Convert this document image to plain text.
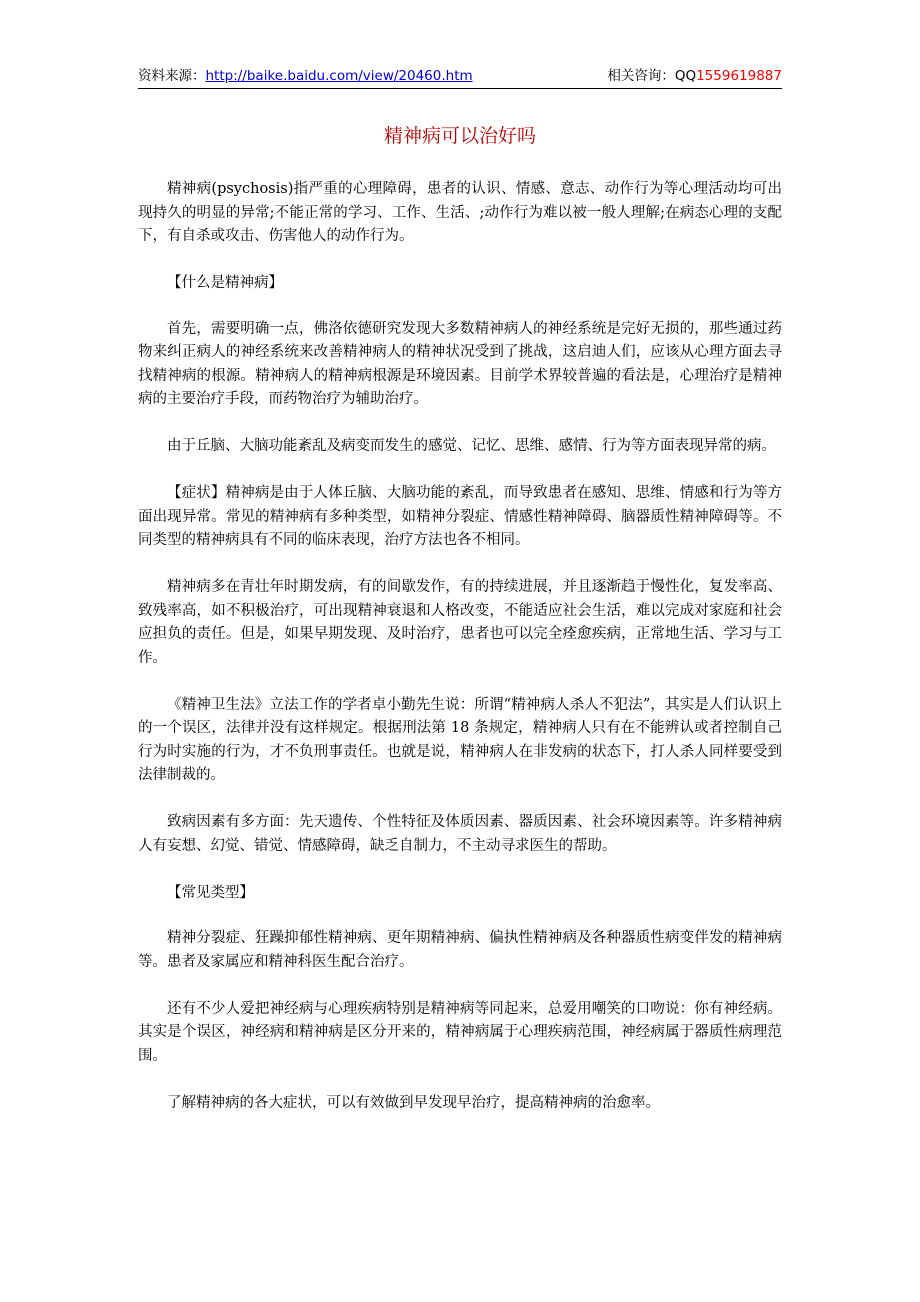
资料来源：http://baike.baidu.com/view/20460.htm	相关咨询：QQ1559619887
精神病可以治好吗

精神病(psychosis)指严重的心理障碍，患者的认识、情感、意志、动作行为等心理活动均可出现持久的明显的异常;不能正常的学习、工作、生活、;动作行为难以被一般人理解;在病态心理的支配下，有自杀或攻击、伤害他人的动作行为。

【什么是精神病】

首先，需要明确一点，佛洛依德研究发现大多数精神病人的神经系统是完好无损的，那些通过药物来纠正病人的神经系统来改善精神病人的精神状况受到了挑战，这启迪人们，应该从心理方面去寻找精神病的根源。精神病人的精神病根源是环境因素。目前学术界较普遍的看法是，心理治疗是精神病的主要治疗手段，而药物治疗为辅助治疗。

由于丘脑、大脑功能紊乱及病变而发生的感觉、记忆、思维、感情、行为等方面表现异常的病。

【症状】精神病是由于人体丘脑、大脑功能的紊乱，而导致患者在感知、思维、情感和行为等方面出现异常。常见的精神病有多种类型，如精神分裂症、情感性精神障碍、脑器质性精神障碍等。不同类型的精神病具有不同的临床表现，治疗方法也各不相同。

精神病多在青壮年时期发病，有的间歇发作，有的持续进展，并且逐渐趋于慢性化，复发率高、致残率高，如不积极治疗，可出现精神衰退和人格改变，不能适应社会生活，难以完成对家庭和社会应担负的责任。但是，如果早期发现、及时治疗，患者也可以完全痊愈疾病，正常地生活、学习与工作。

《精神卫生法》立法工作的学者卓小勤先生说：所谓“精神病人杀人不犯法”，其实是人们认识上的一个误区，法律并没有这样规定。根据刑法第 18 条规定，精神病人只有在不能辨认或者控制自己行为时实施的行为，才不负刑事责任。也就是说，精神病人在非发病的状态下，打人杀人同样要受到法律制裁的。

致病因素有多方面：先天遗传、个性特征及体质因素、器质因素、社会环境因素等。许多精神病人有妄想、幻觉、错觉、情感障碍，缺乏自制力，不主动寻求医生的帮助。

【常见类型】

精神分裂症、狂躁抑郁性精神病、更年期精神病、偏执性精神病及各种器质性病变伴发的精神病等。患者及家属应和精神科医生配合治疗。

还有不少人爱把神经病与心理疾病特别是精神病等同起来，总爱用嘲笑的口吻说：你有神经病。其实是个误区，神经病和精神病是区分开来的，精神病属于心理疾病范围，神经病属于器质性病理范围。

了解精神病的各大症状，可以有效做到早发现早治疗，提高精神病的治愈率。
